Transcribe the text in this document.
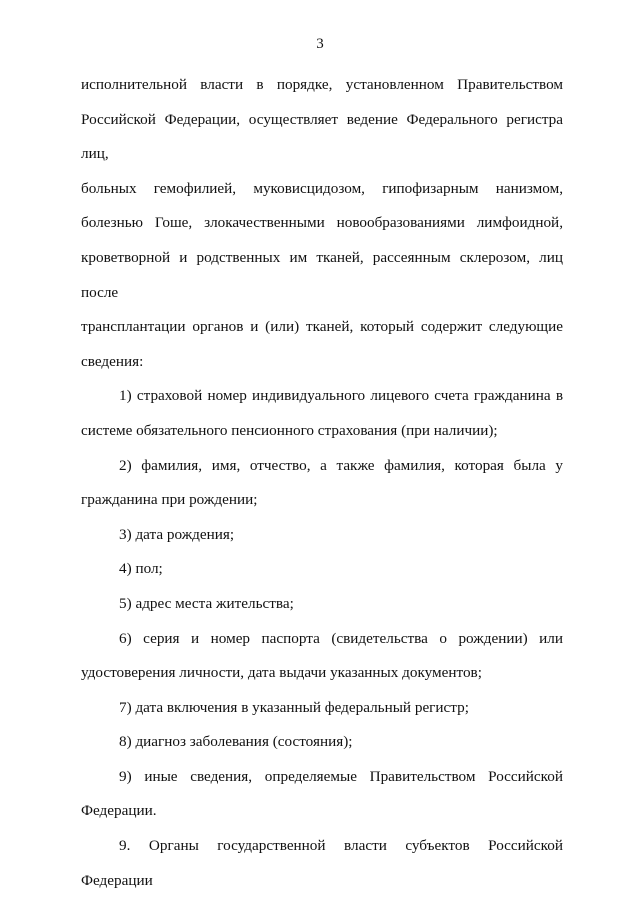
3

исполнительной власти в порядке, установленном Правительством

Российской Федерации, осуществляет ведение Федерального регистра лиц,

больных гемофилией, муковисцидозом, гипофизарным нанизмом,

болезнью Гоше, злокачественными новообразованиями лимфоидной,

кроветворной и родственных им тканей, рассеянным склерозом, лиц после

трансплантации органов и (или) тканей, который содержит следующие

сведения:

1) страховой номер индивидуального лицевого счета гражданина в

системе обязательного пенсионного страхования (при наличии);

2) фамилия, имя, отчество, а также фамилия, которая была у

гражданина при рождении;

3) дата рождения;

4) пол;

5) адрес места жительства;

6) серия и номер паспорта (свидетельства о рождении) или

удостоверения личности, дата выдачи указанных документов;

7) дата включения в указанный федеральный регистр;

8) диагноз заболевания (состояния);

9) иные сведения, определяемые Правительством Российской

Федерации.

9. Органы государственной власти субъектов Российской Федерации
